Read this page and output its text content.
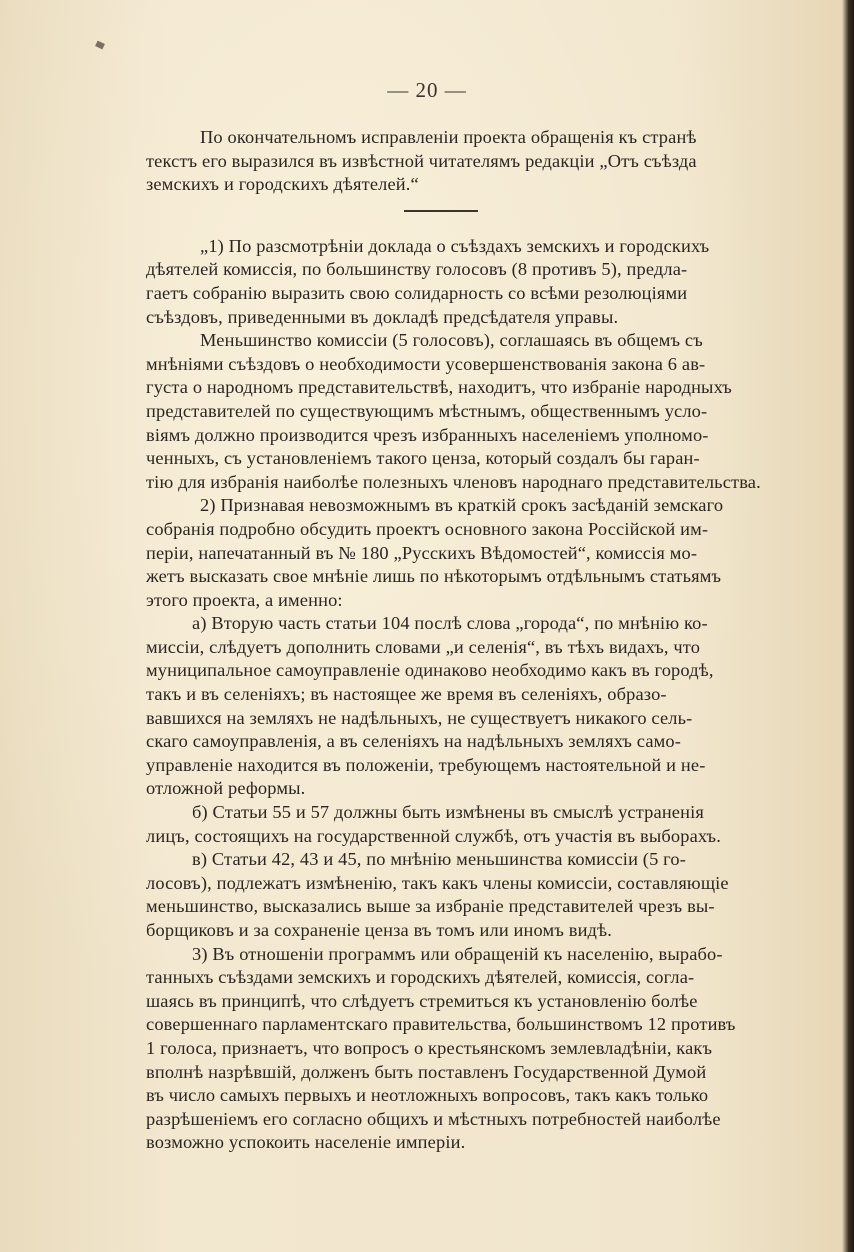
— 20 —
По окончательномъ исправленіи проекта обращенія къ странѣ
текстъ его выразился въ извѣстной читателямъ редакціи „Отъ съѣзда
земскихъ и городскихъ дѣятелей.“
„1) По разсмотрѣніи доклада о съѣздахъ земскихъ и городскихъ
дѣятелей комиссія, по большинству голосовъ (8 противъ 5), предла-
гаетъ собранію выразить свою солидарность со всѣми резолюціями
съѣздовъ, приведенными въ докладѣ предсѣдателя управы.
Меньшинство комиссіи (5 голосовъ), соглашаясь въ общемъ съ
мнѣніями съѣздовъ о необходимости усовершенствованія закона 6 ав-
густа о народномъ представительствѣ, находитъ, что избраніе народныхъ
представителей по существующимъ мѣстнымъ, общественнымъ усло-
віямъ должно производится чрезъ избранныхъ населеніемъ уполномо-
ченныхъ, съ установленіемъ такого ценза, который создалъ бы гаран-
тію для избранія наиболѣе полезныхъ членовъ народнаго представительства.
2) Признавая невозможнымъ въ краткій срокъ засѣданій земскаго
собранія подробно обсудить проектъ основного закона Россійской им-
періи, напечатанный въ № 180 „Русскихъ Вѣдомостей“, комиссія мо-
жетъ высказать свое мнѣніе лишь по нѣкоторымъ отдѣльнымъ статьямъ
этого проекта, а именно:
а) Вторую часть статьи 104 послѣ слова „города“, по мнѣнію ко-
миссіи, слѣдуетъ дополнить словами „и селенія“, въ тѣхъ видахъ, что
муниципальное самоуправленіе одинаково необходимо какъ въ городѣ,
такъ и въ селеніяхъ; въ настоящее же время въ селеніяхъ, образо-
вавшихся на земляхъ не надѣльныхъ, не существуетъ никакого сель-
скаго самоуправленія, а въ селеніяхъ на надѣльныхъ земляхъ само-
управленіе находится въ положеніи, требующемъ настоятельной и не-
отложной реформы.
б) Статьи 55 и 57 должны быть измѣнены въ смыслѣ устраненія
лицъ, состоящихъ на государственной службѣ, отъ участія въ выборахъ.
в) Статьи 42, 43 и 45, по мнѣнію меньшинства комиссіи (5 го-
лосовъ), подлежатъ измѣненію, такъ какъ члены комиссіи, составляющіе
меньшинство, высказались выше за избраніе представителей чрезъ вы-
борщиковъ и за сохраненіе ценза въ томъ или иномъ видѣ.
3) Въ отношеніи программъ или обращеній къ населенію, вырабо-
танныхъ съѣздами земскихъ и городскихъ дѣятелей, комиссія, согла-
шаясь въ принципѣ, что слѣдуетъ стремиться къ установленію болѣе
совершеннаго парламентскаго правительства, большинствомъ 12 противъ
1 голоса, признаетъ, что вопросъ о крестьянскомъ землевладѣніи, какъ
вполнѣ назрѣвшій, долженъ быть поставленъ Государственной Думой
въ число самыхъ первыхъ и неотложныхъ вопросовъ, такъ какъ только
разрѣшеніемъ его согласно общихъ и мѣстныхъ потребностей наиболѣе
возможно успокоить населеніе имперіи.
